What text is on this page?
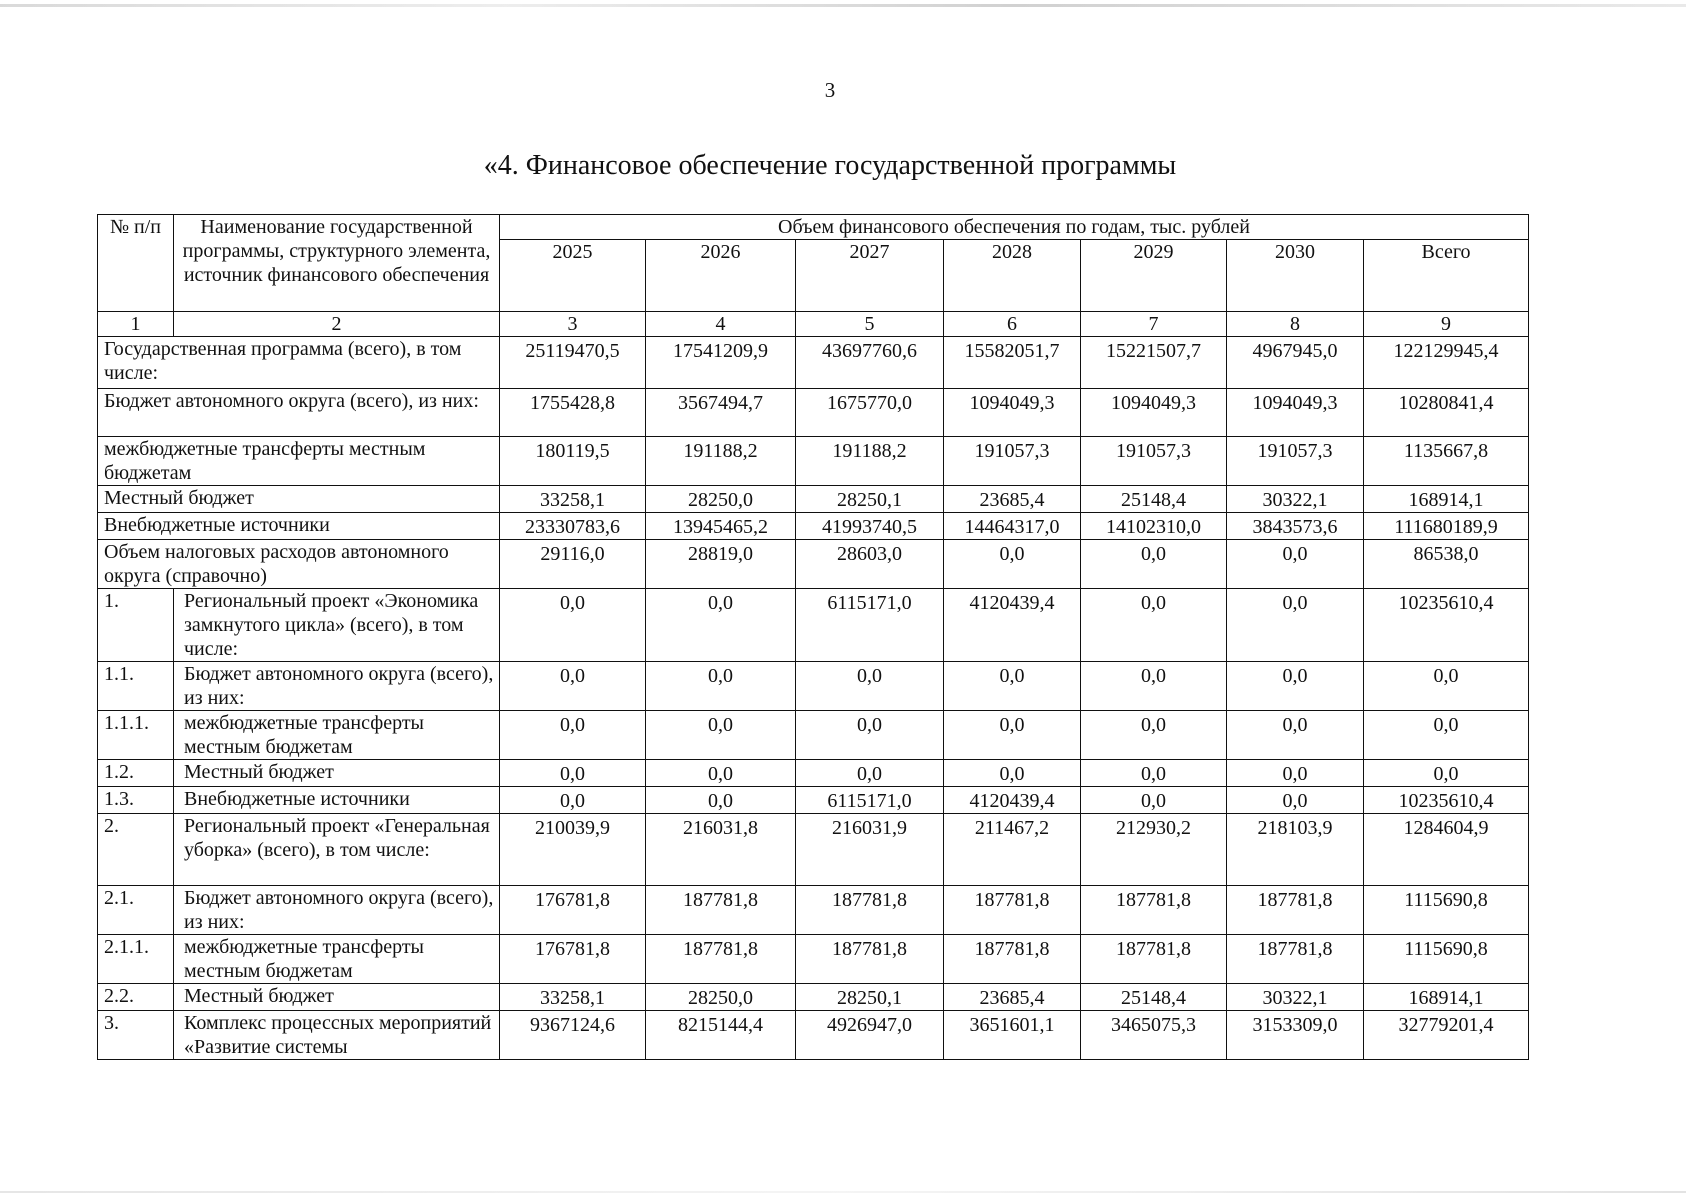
3
«4. Финансовое обеспечение государственной программы
№ п/п	Наименование государственной программы, структурного элемента, источник финансового обеспечения	Объем финансового обеспечения по годам, тыс. рублей						
		2025	2026	2027	2028	2029	2030	Всего
1	2	3	4	5	6	7	8	9
Государственная программа (всего), в том числе:		25119470,5	17541209,9	43697760,6	15582051,7	15221507,7	4967945,0	122129945,4
Бюджет автономного округа (всего), из них:		1755428,8	3567494,7	1675770,0	1094049,3	1094049,3	1094049,3	10280841,4
межбюджетные трансферты местным бюджетам		180119,5	191188,2	191188,2	191057,3	191057,3	191057,3	1135667,8
Местный бюджет		33258,1	28250,0	28250,1	23685,4	25148,4	30322,1	168914,1
Внебюджетные источники		23330783,6	13945465,2	41993740,5	14464317,0	14102310,0	3843573,6	111680189,9
Объем налоговых расходов автономного округа (справочно)		29116,0	28819,0	28603,0	0,0	0,0	0,0	86538,0
1.	Региональный проект «Экономика замкнутого цикла» (всего), в том числе:	0,0	0,0	6115171,0	4120439,4	0,0	0,0	10235610,4
1.1.	Бюджет автономного округа (всего), из них:	0,0	0,0	0,0	0,0	0,0	0,0	0,0
1.1.1.	межбюджетные трансферты местным бюджетам	0,0	0,0	0,0	0,0	0,0	0,0	0,0
1.2.	Местный бюджет	0,0	0,0	0,0	0,0	0,0	0,0	0,0
1.3.	Внебюджетные источники	0,0	0,0	6115171,0	4120439,4	0,0	0,0	10235610,4
2.	Региональный проект «Генеральная уборка» (всего), в том числе:	210039,9	216031,8	216031,9	211467,2	212930,2	218103,9	1284604,9
2.1.	Бюджет автономного округа (всего), из них:	176781,8	187781,8	187781,8	187781,8	187781,8	187781,8	1115690,8
2.1.1.	межбюджетные трансферты местным бюджетам	176781,8	187781,8	187781,8	187781,8	187781,8	187781,8	1115690,8
2.2.	Местный бюджет	33258,1	28250,0	28250,1	23685,4	25148,4	30322,1	168914,1
3.	Комплекс процессных мероприятий «Развитие системы	9367124,6	8215144,4	4926947,0	3651601,1	3465075,3	3153309,0	32779201,4
